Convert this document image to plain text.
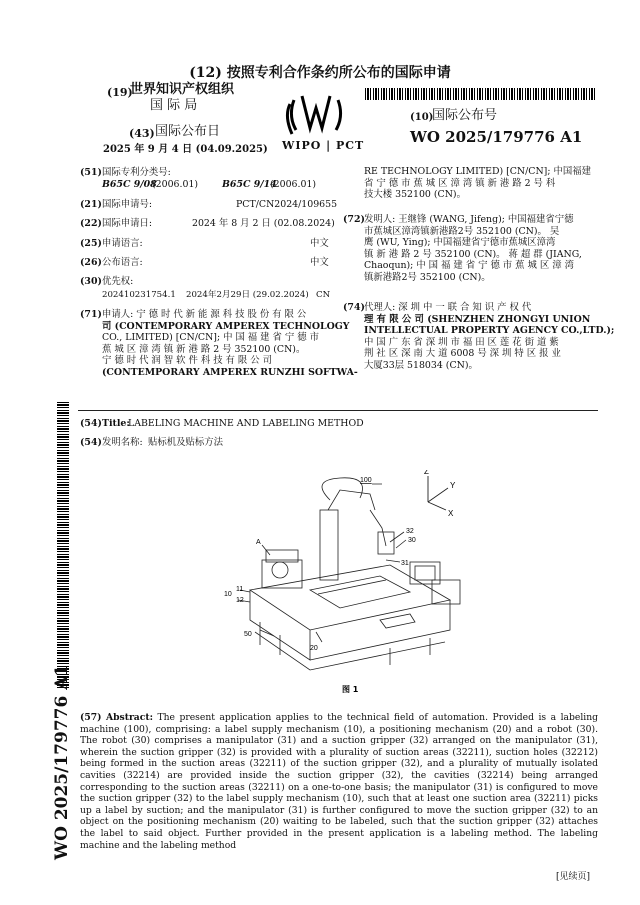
(12) 按照专利合作条约所公布的国际申请
(19)
世界知识产权组织
国 际 局
(43) 国际公布日
2025 年 9 月 4 日 (04.09.2025) WIPO | PCT
(10)
国际公布号
WO 2025/179776 A1
WO 2025/179776 A1
(51) 国际专利分类号:
B65C 9/08
(2006.01)	B65C 9/14
(2006.01)
(21) 国际申请号:	PCT/CN2024/109655
(22) 国际申请日:	2024 年 8 月 2 日 (02.08.2024)
(25) 申请语言:	中文
(26) 公布语言:	中文
(30) 优先权:
202410231754.1 2024年2月29日 (29.02.2024) CN
(71) 申请人: 宁 德 时 代 新 能 源 科 技 股 份 有 限 公
司 (CONTEMPORARY AMPEREX TECHNOLOGY
CO., LIMITED) [CN/CN]; 中 国 福 建 省 宁 德 市
蕉 城 区 漳 湾 镇 新 港 路 2 号 352100 (CN)。
宁 德 时 代 润 智 软 件 科 技 有 限 公 司
(CONTEMPORARY AMPEREX RUNZHI SOFTWA-
RE TECHNOLOGY LIMITED) [CN/CN]; 中国福建
省 宁 德 市 蕉 城 区 漳 湾 镇 新 港 路 2 号 科
技大楼 352100 (CN)。
(72) 发明人: 王继锋 (WANG, Jifeng); 中国福建省宁德
市蕉城区漳湾镇新港路2号 352100 (CN)。 吴
鹰 (WU, Ying); 中国福建省宁德市蕉城区漳湾
镇 新 港 路 2 号 352100 (CN)。 蒋 超 群 (JIANG,
Chaoqun); 中 国 福 建 省 宁 德 市 蕉 城 区 漳 湾
镇新港路2号 352100 (CN)。
(74) 代理人: 深 圳 中 一 联 合 知 识 产 权 代
理 有 限 公 司 (SHENZHEN ZHONGYI UNION
INTELLECTUAL PROPERTY AGENCY CO.,LTD.);
中 国 广 东 省 深 圳 市 福 田 区 莲 花 街 道 紫
荆 社 区 深 南 大 道 6008 号 深 圳 特 区 报 业
大厦33层 518034 (CN)。
(54) Title:
LABELING MACHINE AND LABELING METHOD
(54) 发明名称: 贴标机及贴标方法
100
Z
Y
X
32
30
31
A
10
11
12
50
20
图 1
(57) Abstract: The present application applies to the technical field of automation. Provided is a labeling machine (100), comprising: a label supply mechanism (10), a positioning mechanism (20) and a robot (30). The robot (30) comprises a manipulator (31) and a suction gripper (32) arranged on the manipulator (31), wherein the suction gripper (32) is provided with a plurality of suction areas (32211), suction holes (32212) being formed in the suction areas (32211) of the suction gripper (32), and a plurality of mutually isolated cavities (32214) are provided inside the suction gripper (32), the cavities (32214) being arranged corresponding to the suction areas (32211) on a one-to-one basis; the manipulator (31) is configured to move the suction gripper (32) to the label supply mechanism (10), such that at least one suction area (32211) picks up a label by suction; and the manipulator (31) is further configured to move the suction gripper (32) to an object on the positioning mechanism (20) waiting to be labeled, such that the suction gripper (32) attaches the label to said object. Further provided in the present application is a labeling method. The labeling machine and the labeling method
[见续页]
